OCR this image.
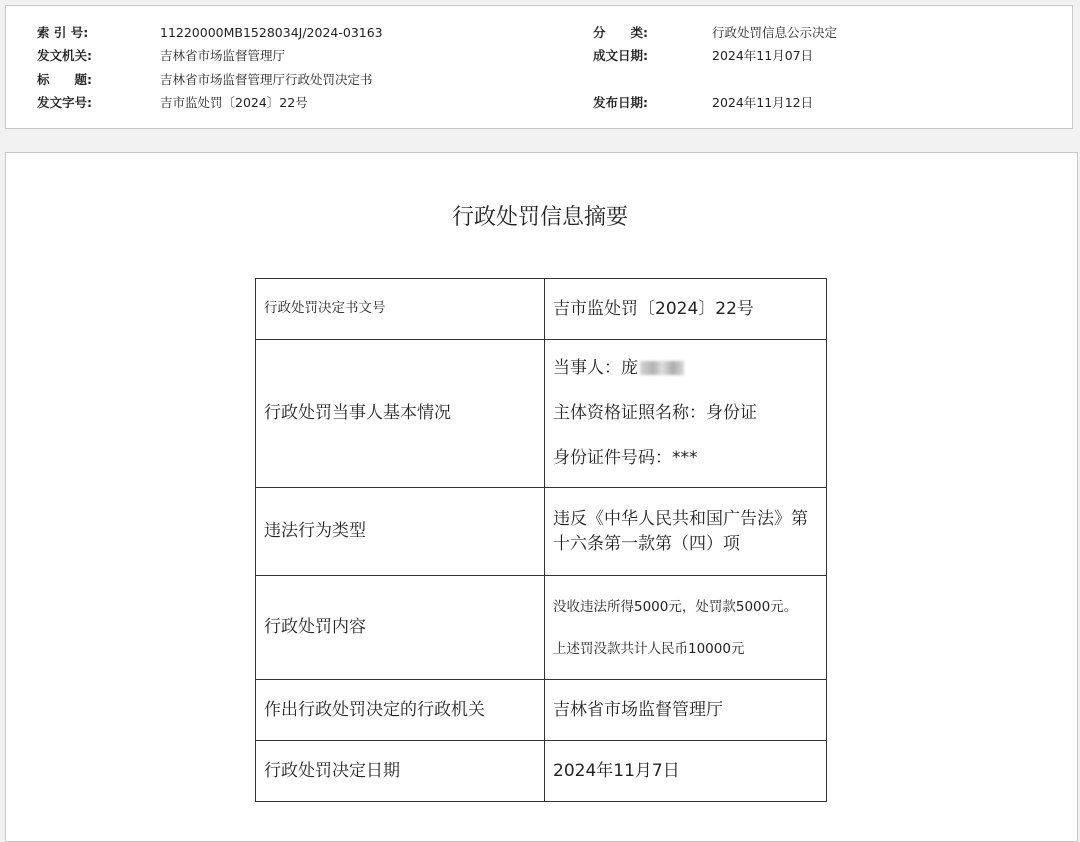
索 引 号:	11220000MB1528034J/2024-03163	分　　类:	行政处罚信息公示决定
发文机关:	吉林省市场监督管理厅	成文日期:	2024年11月07日
标　　题:	吉林省市场监督管理厅行政处罚决定书
发文字号:	吉市监处罚〔2024〕22号	发布日期:	2024年11月12日
行政处罚信息摘要
行政处罚决定书文号	吉市监处罚〔2024〕22号
行政处罚当事人基本情况	当事人：庞
主体资格证照名称：身份证
身份证件号码：***

违法行为类型	违反《中华人民共和国广告法》第十六条第一款第（四）项
行政处罚内容	没收违法所得5000元，处罚款5000元。
上述罚没款共计人民币10000元

作出行政处罚决定的行政机关	吉林省市场监督管理厅
行政处罚决定日期	2024年11月7日
